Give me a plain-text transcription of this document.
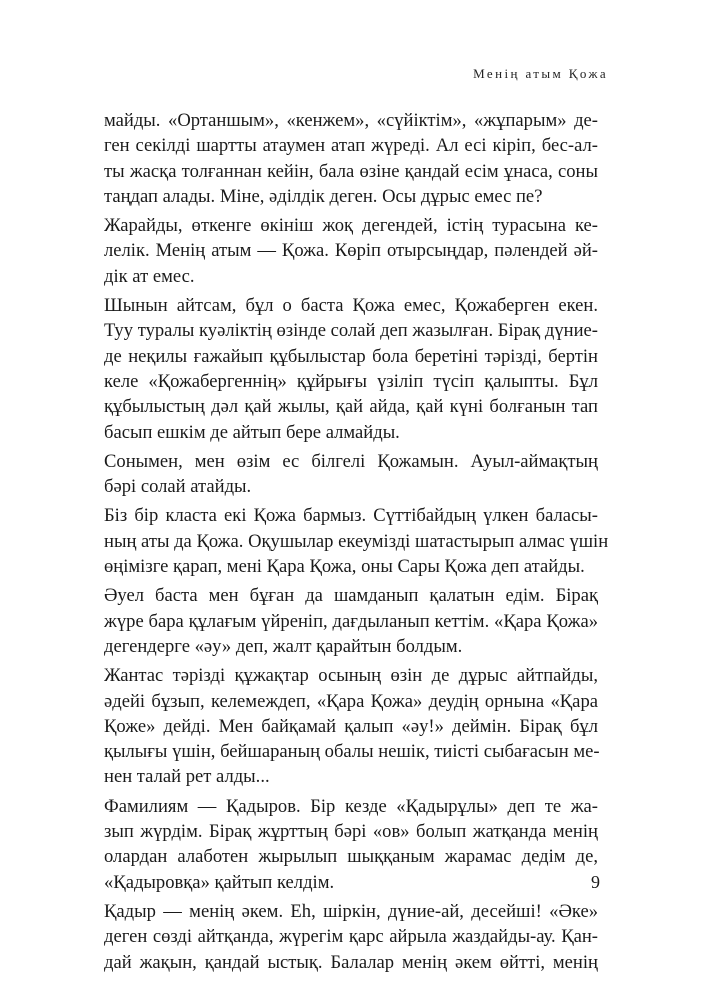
Менің атым Қожа
майды. «Ортаншым», «кенжем», «сүйіктім», «жұпарым» де-
ген секілді шартты атаумен атап жүреді. Ал есі кіріп, бес-ал-
ты жасқа толғаннан кейін, бала өзіне қандай есім ұнаса, соны
таңдап алады. Міне, әділдік деген. Осы дұрыс емес пе?
Жарайды, өткенге өкініш жоқ дегендей, істің турасына ке-
лелік. Менің атым — Қожа. Көріп отырсыңдар, пәлендей әй-
дік ат емес.
Шынын айтсам, бұл о баста Қожа емес, Қожаберген екен.
Туу туралы куәліктің өзінде солай деп жазылған. Бірақ дүние-
де неқилы ғажайып құбылыстар бола беретіні тәрізді, бертін
келе «Қожабергеннің» құйрығы үзіліп түсіп қалыпты. Бұл
құбылыстың дәл қай жылы, қай айда, қай күні болғанын тап
басып ешкім де айтып бере алмайды.
Сонымен, мен өзім ес білгелі Қожамын. Ауыл-аймақтың
бәрі солай атайды.
Біз бір класта екі Қожа бармыз. Сүттібайдың үлкен баласы-
ның аты да Қожа. Оқушылар екеуміздi шатастырып алмас үшін
өңімізге қарап, мені Қара Қожа, оны Сары Қожа деп атайды.
Әуел баста мен бұған да шамданып қалатын едім. Бірақ
жүре бара құлағым үйреніп, дағдыланып кеттім. «Қара Қожа»
дегендерге «әу» деп, жалт қарайтын болдым.
Жантас тәрізді құжақтар осының өзін де дұрыс айтпайды,
әдейі бұзып, келемеждеп, «Қара Қожа» деудің орнына «Қара
Қоже» дейді. Мен байқамай қалып «әу!» деймін. Бірақ бұл
қылығы үшін, бейшараның обалы нешік, тиісті сыбағасын ме-
нен талай рет алды...
Фамилиям — Қадыров. Бір кезде «Қадырұлы» деп те жа-
зып жүрдім. Бірақ жұрттың бәрі «ов» болып жатқанда менің
олардан алаботен жырылып шыққаным жарамас дедім де,
«Қадыровқа» қайтып келдім.
Қадыр — менің әкем. Еһ, шіркін, дүние-ай, десейші! «Әке»
деген сөзді айтқанда, жүрегім қарс айрыла жаздайды-ау. Қан-
дай жақын, қандай ыстық. Балалар менің әкем өйтті, менің
9
